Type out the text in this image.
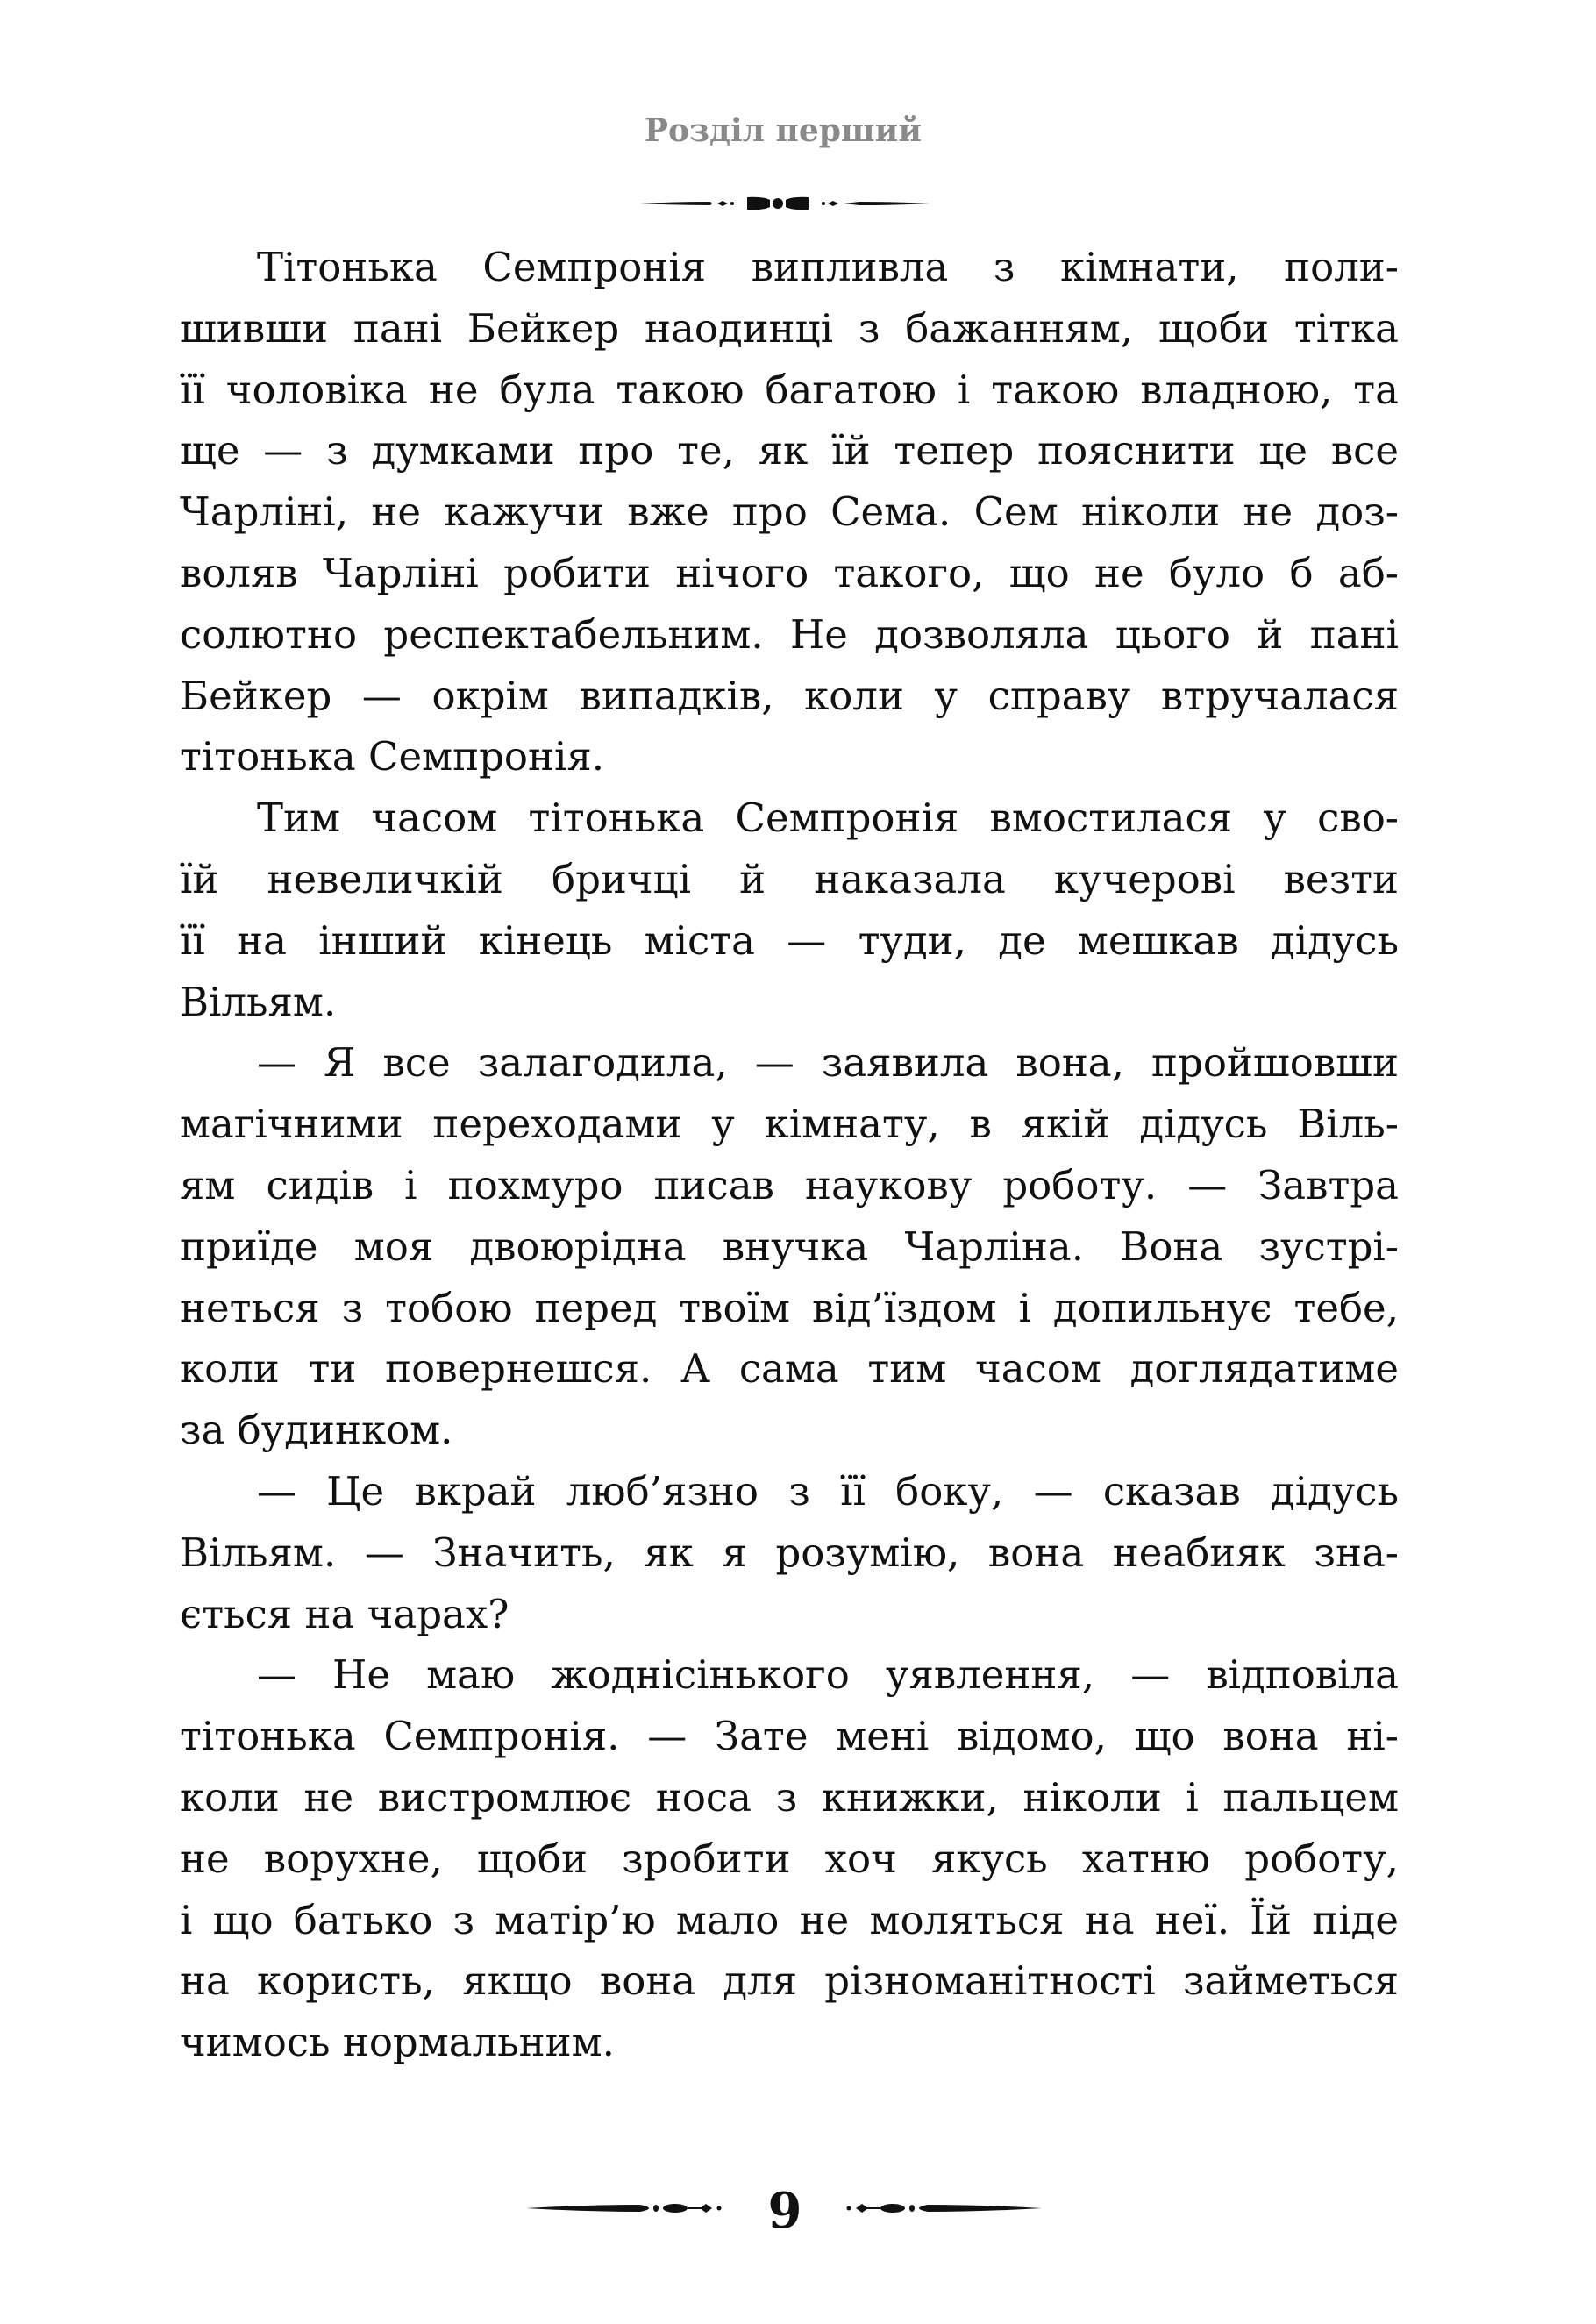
Розділ перший
Тітонька Семпронія випливла з кімнати, поли-
шивши пані Бейкер наодинці з бажанням, щоби тітка
її чоловіка не була такою багатою і такою владною, та
ще — з думками про те, як їй тепер пояснити це все
Чарліні, не кажучи вже про Сема. Сем ніколи не доз-
воляв Чарліні робити нічого такого, що не було б аб-
солютно респектабельним. Не дозволяла цього й пані
Бейкер — окрім випадків, коли у справу втручалася
тітонька Семпронія.
Тим часом тітонька Семпронія вмостилася у сво-
їй невеличкій бричці й наказала кучерові везти
її на інший кінець міста — туди, де мешкав дідусь
Вільям.
— Я все залагодила, — заявила вона, пройшовши
магічними переходами у кімнату, в якій дідусь Віль-
ям сидів і похмуро писав наукову роботу. — Завтра
приїде моя двоюрідна внучка Чарліна. Вона зустрі-
неться з тобою перед твоїм від’їздом і допильнує тебе,
коли ти повернешся. А сама тим часом доглядатиме
за будинком.
— Це вкрай люб’язно з її боку, — сказав дідусь
Вільям. — Значить, як я розумію, вона неабияк зна-
ється на чарах?
— Не маю жоднісінького уявлення, — відповіла
тітонька Семпронія. — Зате мені відомо, що вона ні-
коли не вистромлює носа з книжки, ніколи і пальцем
не ворухне, щоби зробити хоч якусь хатню роботу,
і що батько з матір’ю мало не моляться на неї. Їй піде
на користь, якщо вона для різноманітності займеться
чимось нормальним.
9
